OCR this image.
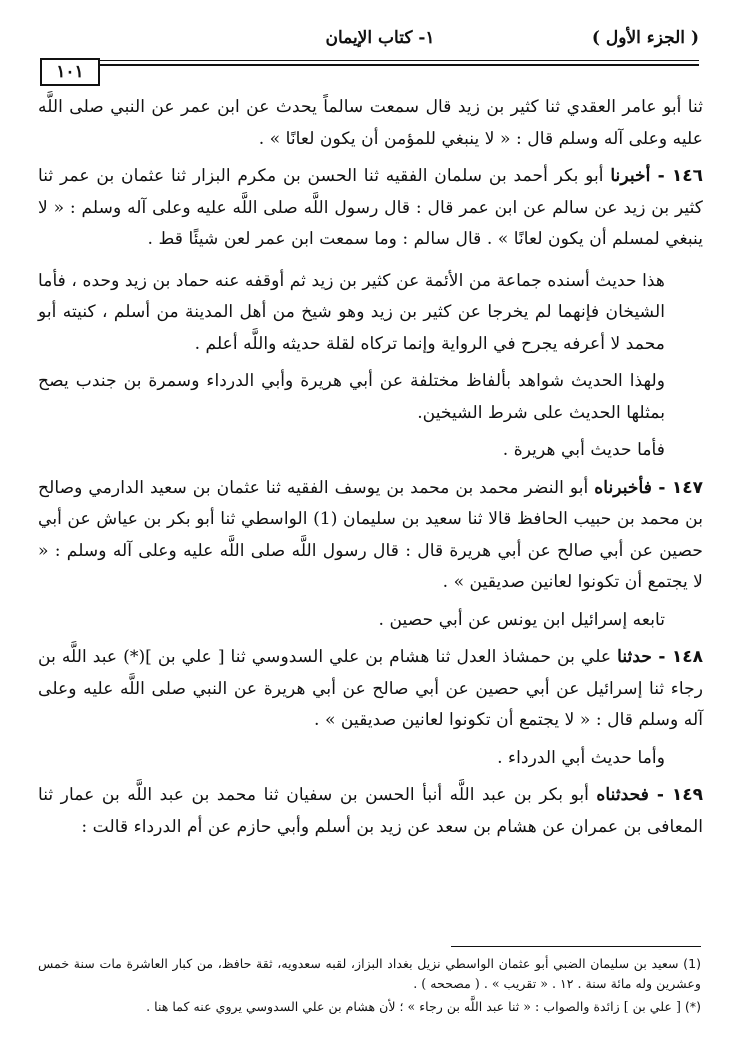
( الجزء الأول )
١- كتاب الإيمان
١٠١

ثنا أبو عامر العقدي ثنا كثير بن زيد قال سمعت سالماً يحدث عن ابن عمر عن النبي صلى اللَّه عليه وعلى آله وسلم قال : « لا ينبغي للمؤمن أن يكون لعانًا » .

١٤٦ - أخبرنا أبو بكر أحمد بن سلمان الفقيه ثنا الحسن بن مكرم البزار ثنا عثمان بن عمر ثنا كثير بن زيد عن سالم عن ابن عمر قال : قال رسول اللَّه صلى اللَّه عليه وعلى آله وسلم : « لا ينبغي لمسلم أن يكون لعانًا » . قال سالم : وما سمعت ابن عمر لعن شيئًا قط .

هذا حديث أسنده جماعة من الأئمة عن كثير بن زيد ثم أوقفه عنه حماد بن زيد وحده ، فأما الشيخان فإنهما لم يخرجا عن كثير بن زيد وهو شيخ من أهل المدينة من أسلم ، كنيته أبو محمد لا أعرفه يجرح في الرواية وإنما تركاه لقلة حديثه واللَّه أعلم .

ولهذا الحديث شواهد بألفاظ مختلفة عن أبي هريرة وأبي الدرداء وسمرة بن جندب يصح بمثلها الحديث على شرط الشيخين.

فأما حديث أبي هريرة .

١٤٧ - فأخبرناه أبو النضر محمد بن محمد بن يوسف الفقيه ثنا عثمان بن سعيد الدارمي وصالح بن محمد بن حبيب الحافظ قالا ثنا سعيد بن سليمان (1) الواسطي ثنا أبو بكر بن عياش عن أبي حصين عن أبي صالح عن أبي هريرة قال : قال رسول اللَّه صلى اللَّه عليه وعلى آله وسلم : « لا يجتمع أن تكونوا لعانين صديقين » .

تابعه إسرائيل ابن يونس عن أبي حصين .

١٤٨ - حدثنا علي بن حمشاذ العدل ثنا هشام بن علي السدوسي ثنا [ علي بن ](*) عبد اللَّه بن رجاء ثنا إسرائيل عن أبي حصين عن أبي صالح عن أبي هريرة عن النبي صلى اللَّه عليه وعلى آله وسلم قال : « لا يجتمع أن تكونوا لعانين صديقين » .

وأما حديث أبي الدرداء .

١٤٩ - فحدثناه أبو بكر بن عبد اللَّه أنبأ الحسن بن سفيان ثنا محمد بن عبد اللَّه بن عمار ثنا المعافى بن عمران عن هشام بن سعد عن زيد بن أسلم وأبي حازم عن أم الدرداء قالت :

(1) سعيد بن سليمان الضبي أبو عثمان الواسطي نزيل بغداد البزاز، لقبه سعدويه، ثقة حافظ، من كبار العاشرة مات سنة خمس وعشرين وله مائة سنة . ١٢ . « تقريب » . ( مصححه ) .

(*) [ علي بن ] زائدة والصواب : « ثنا عبد اللَّه بن رجاء » ؛ لأن هشام بن علي السدوسي يروي عنه كما هنا .
